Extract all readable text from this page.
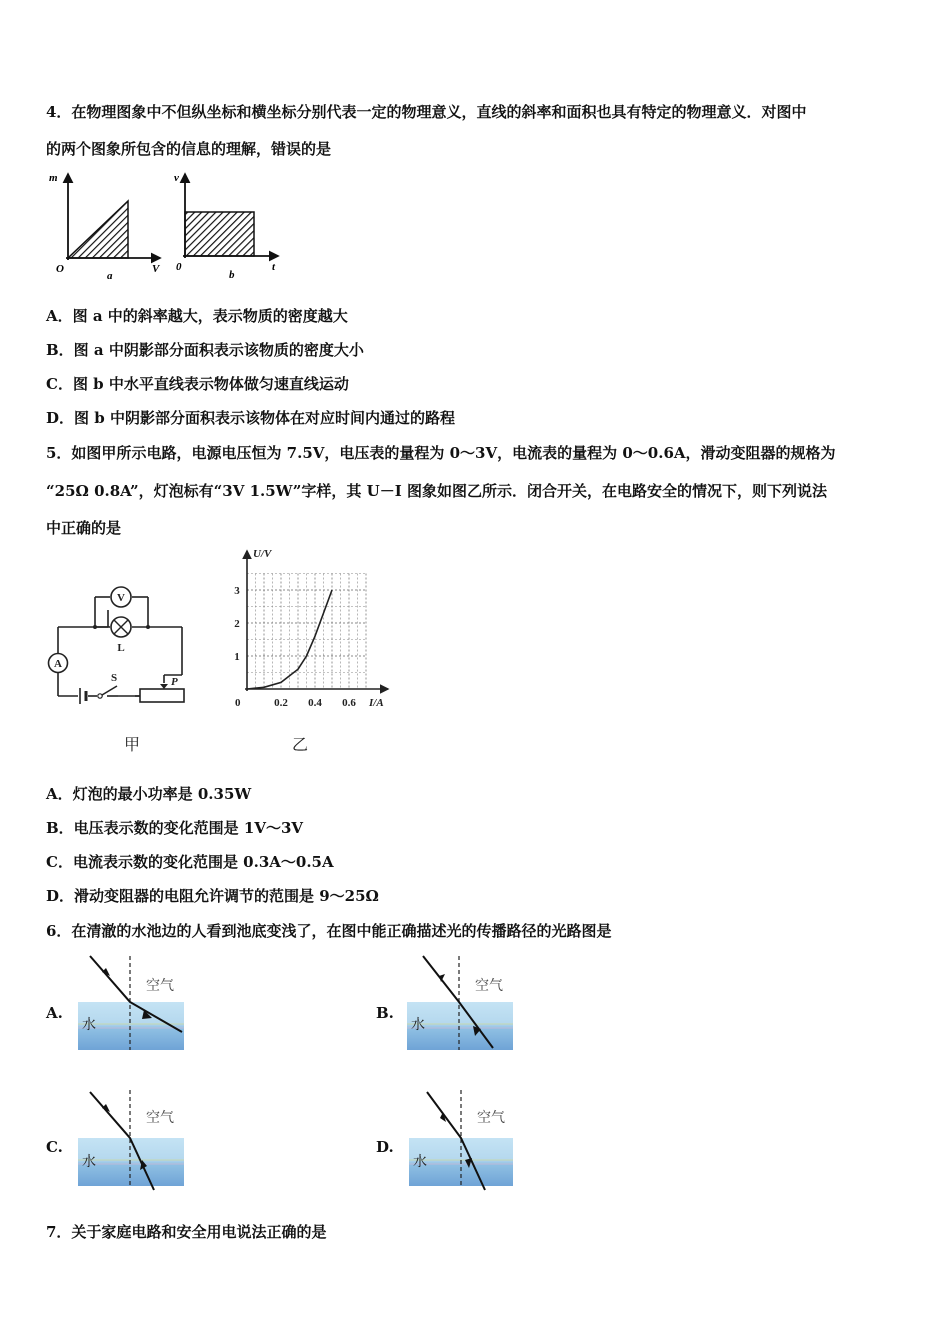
4．在物理图象中不但纵坐标和横坐标分别代表一定的物理意义，直线的斜率和面积也具有特定的物理意义．对图中
的两个图象所包含的信息的理解，错误的是
m
O	V
a
v
0	t
b
A．图 a 中的斜率越大，表示物质的密度越大
B．图 a 中阴影部分面积表示该物质的密度大小
C．图 b 中水平直线表示物体做匀速直线运动
D．图 b 中阴影部分面积表示该物体在对应时间内通过的路程
5．如图甲所示电路，电源电压恒为 7.5V，电压表的量程为 0～3V，电流表的量程为 0～0.6A，滑动变阻器的规格为
“25Ω 0.8A”，灯泡标有“3V 1.5W”字样，其 U－I 图象如图乙所示．闭合开关，在电路安全的情况下，则下列说法
中正确的是
A
V
L
S	P
甲
U/V
I/A
0
1
2
3
0.2 0.4 0.6
乙
A．灯泡的最小功率是 0.35W
B．电压表示数的变化范围是 1V～3V
C．电流表示数的变化范围是 0.3A～0.5A
D．滑动变阻器的电阻允许调节的范围是 9～25Ω
6．在清澈的水池边的人看到池底变浅了，在图中能正确描述光的传播路径的光路图是
A.
空气
水
B.
空气
水
C.
空气
水
D.
空气
水
7．关于家庭电路和安全用电说法正确的是
